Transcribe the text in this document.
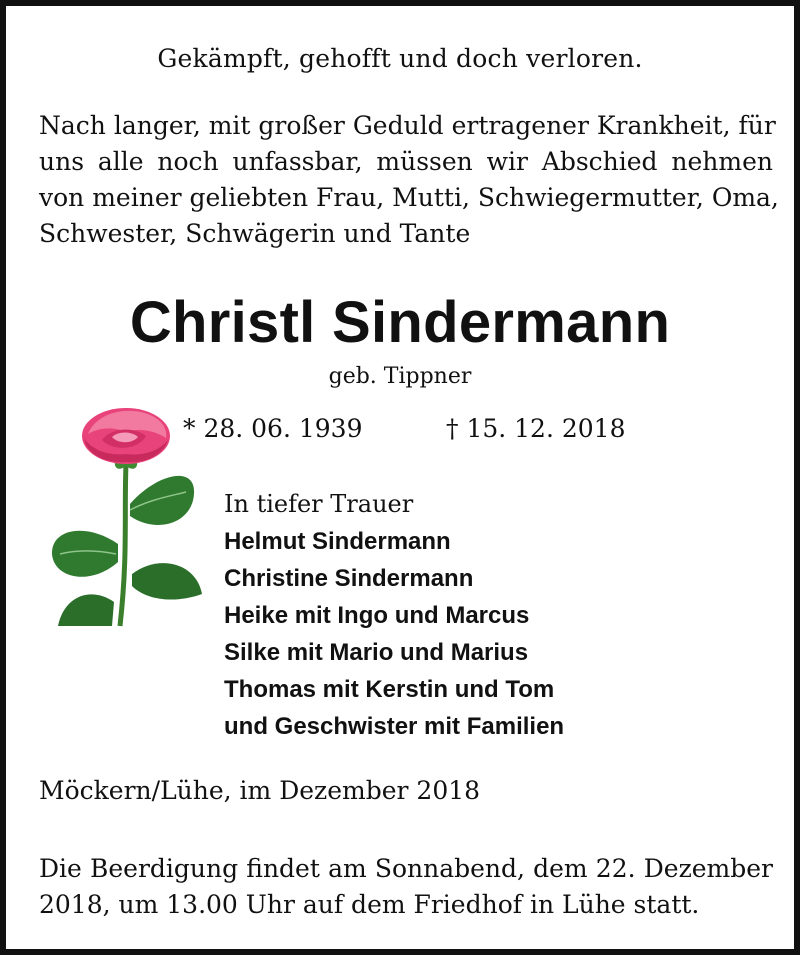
Gekämpft, gehofft und doch verloren.
Nach langer, mit großer Geduld ertragener Krankheit, für
uns alle noch unfassbar, müssen wir Abschied nehmen
von meiner geliebten Frau, Mutti, Schwiegermutter, Oma,
Schwester, Schwägerin und Tante
Christl Sindermann
geb. Tippner
* 28. 06. 1939	† 15. 12. 2018
In tiefer Trauer
Helmut Sindermann
Christine Sindermann
Heike mit Ingo und Marcus
Silke mit Mario und Marius
Thomas mit Kerstin und Tom
und Geschwister mit Familien
Möckern/Lühe, im Dezember 2018
Die Beerdigung findet am Sonnabend, dem 22. Dezember
2018, um 13.00 Uhr auf dem Friedhof in Lühe statt.
